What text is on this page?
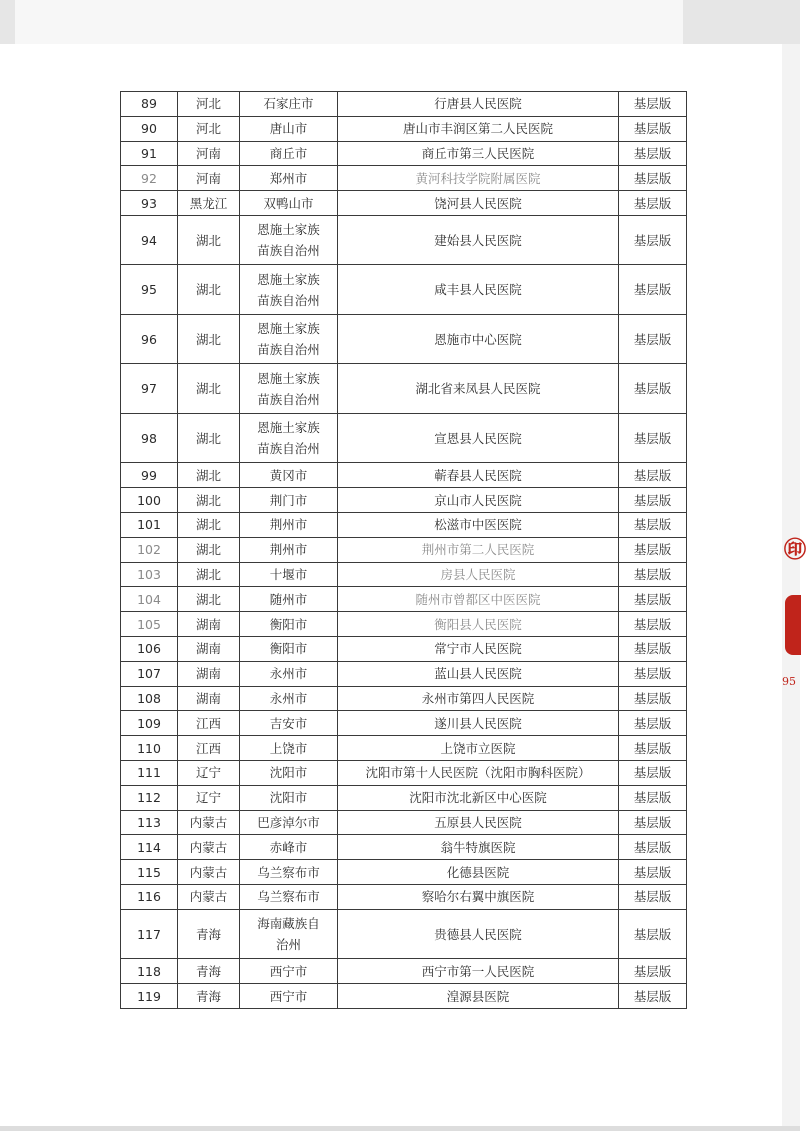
㊞
95
89	河北	石家庄市	行唐县人民医院	基层版
90	河北	唐山市	唐山市丰润区第二人民医院	基层版
91	河南	商丘市	商丘市第三人民医院	基层版
92	河南	郑州市	黄河科技学院附属医院	基层版
93	黑龙江	双鸭山市	饶河县人民医院	基层版
94	湖北	恩施土家族苗族自治州	建始县人民医院	基层版
95	湖北	恩施土家族苗族自治州	咸丰县人民医院	基层版
96	湖北	恩施土家族苗族自治州	恩施市中心医院	基层版
97	湖北	恩施土家族苗族自治州	湖北省来凤县人民医院	基层版
98	湖北	恩施土家族苗族自治州	宣恩县人民医院	基层版
99	湖北	黄冈市	蕲春县人民医院	基层版
100	湖北	荆门市	京山市人民医院	基层版
101	湖北	荆州市	松滋市中医医院	基层版
102	湖北	荆州市	荆州市第二人民医院	基层版
103	湖北	十堰市	房县人民医院	基层版
104	湖北	随州市	随州市曾都区中医医院	基层版
105	湖南	衡阳市	衡阳县人民医院	基层版
106	湖南	衡阳市	常宁市人民医院	基层版
107	湖南	永州市	蓝山县人民医院	基层版
108	湖南	永州市	永州市第四人民医院	基层版
109	江西	吉安市	遂川县人民医院	基层版
110	江西	上饶市	上饶市立医院	基层版
111	辽宁	沈阳市	沈阳市第十人民医院（沈阳市胸科医院）	基层版
112	辽宁	沈阳市	沈阳市沈北新区中心医院	基层版
113	内蒙古	巴彦淖尔市	五原县人民医院	基层版
114	内蒙古	赤峰市	翁牛特旗医院	基层版
115	内蒙古	乌兰察布市	化德县医院	基层版
116	内蒙古	乌兰察布市	察哈尔右翼中旗医院	基层版
117	青海	海南藏族自治州	贵德县人民医院	基层版
118	青海	西宁市	西宁市第一人民医院	基层版
119	青海	西宁市	湟源县医院	基层版
